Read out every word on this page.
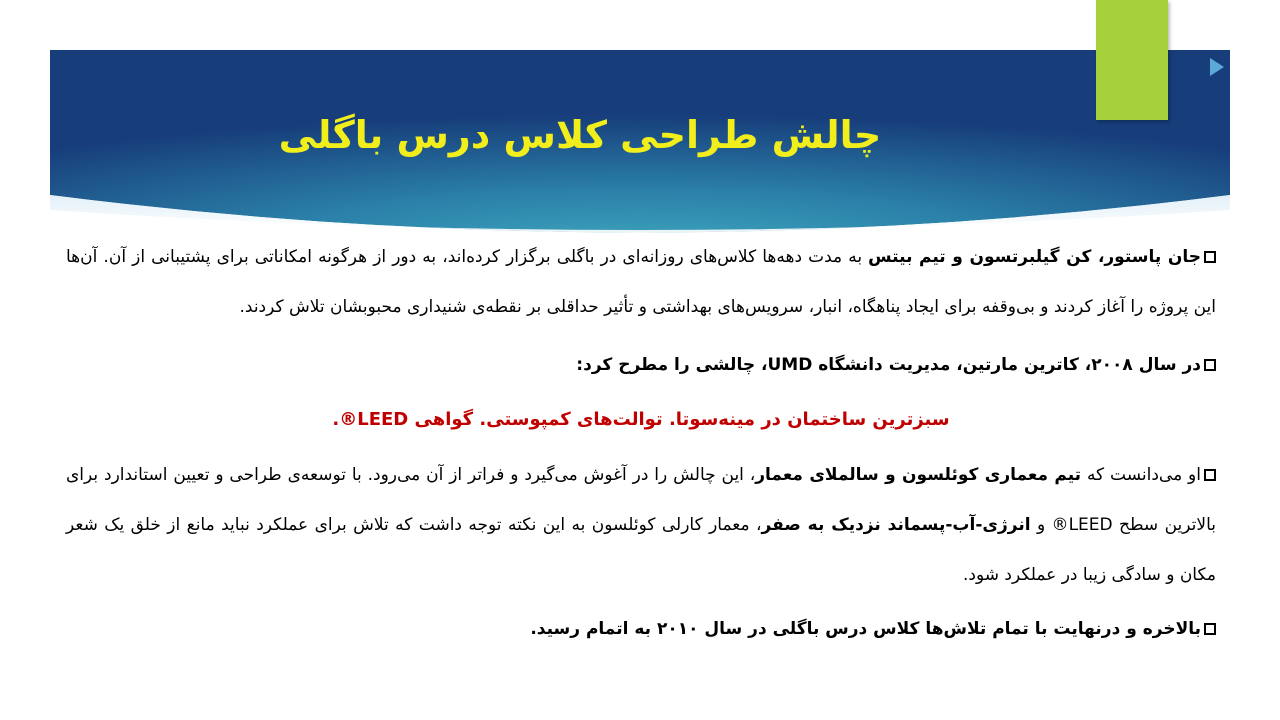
چالش طراحی کلاس درس باگلی

جان پاستور، کن گیلبرتسون و تیم بیتس به مدت دهه‌ها کلاس‌های روزانه‌ای در باگلی برگزار کرده‌اند، به دور از هرگونه امکاناتی برای پشتیبانی از آن. آن‌ها این پروژه را آغاز کردند و بی‌وقفه برای ایجاد پناهگاه، انبار، سرویس‌های بهداشتی و تأثیر حداقلی بر نقطه‌ی شنیداری محبوبشان تلاش کردند.

در سال ۲۰۰۸، کاترین مارتین، مدیریت دانشگاه UMD، چالشی را مطرح کرد:

سبزترین ساختمان در مینه‌سوتا. توالت‌های کمپوستی. گواهی LEED®.

او می‌دانست که تیم معماری کوئلسون و سالملای معمار، این چالش را در آغوش می‌گیرد و فراتر از آن می‌رود. با توسعه‌ی طراحی و تعیین استاندارد برای بالاترین سطح LEED® و انرژی-آب-پسماند نزدیک به صفر، معمار کارلی کوئلسون به این نکته توجه داشت که تلاش برای عملکرد نباید مانع از خلق یک شعر مکان و سادگی زیبا در عملکرد شود.

بالاخره و درنهایت با تمام تلاش‌ها کلاس درس باگلی در سال ۲۰۱۰ به اتمام رسید.
